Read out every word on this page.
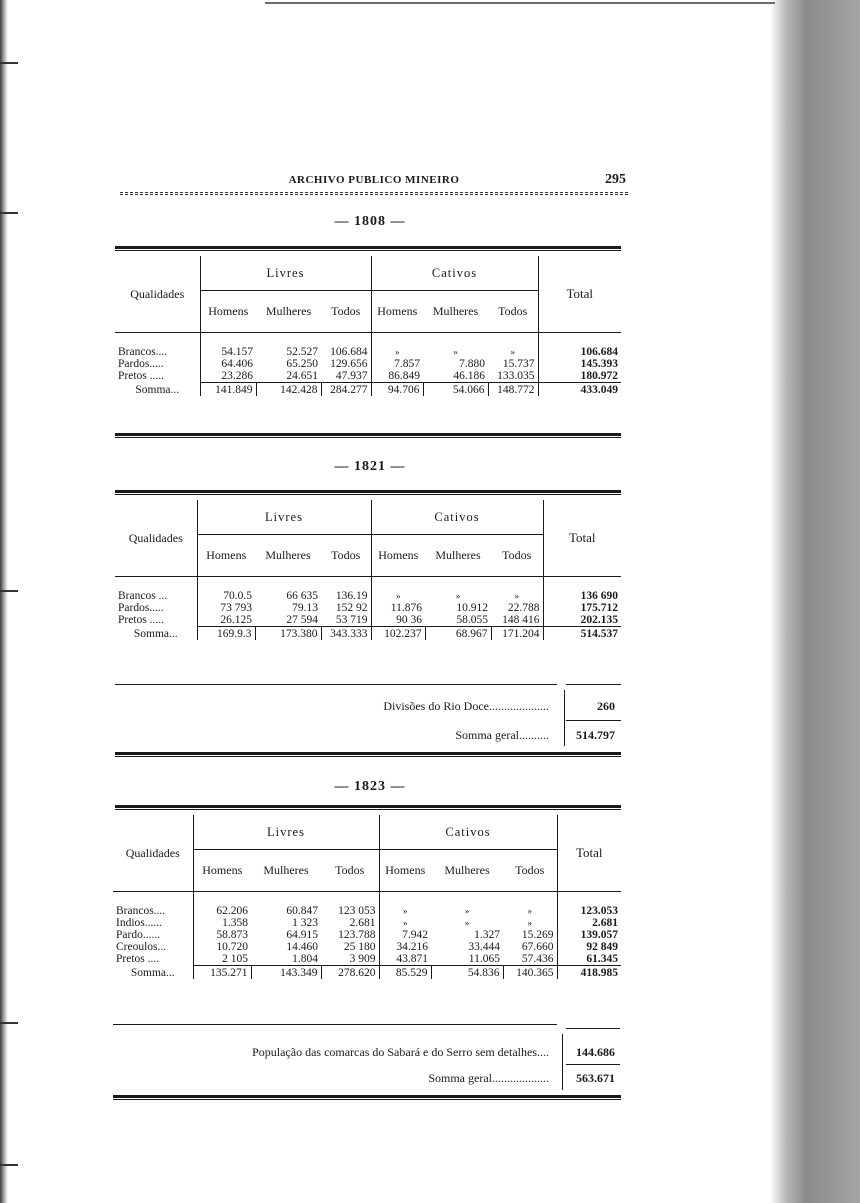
ARCHIVO PUBLICO MINEIRO	295
— 1808 —
Qualidades	Livres			Cativos			Total
	Homens	Mulheres	Todos	Homens	Mulheres	Todos	

Brancos....	54.157	52.527	106.684	»	»	»	106.684
Pardos.....	64.406	65.250	129.656	7.857	7.880	15.737	145.393
Pretos .....	23.286	24.651	47.937	86.849	46.186	133.035	180.972
Somma...	141.849	142.428	284.277	94.706	54.066	148.772	433.049
— 1821 —
Qualidades	Livres			Cativos			Total
	Homens	Mulheres	Todos	Homens	Mulheres	Todos	

Brancos ...	70.0.5	66 635	136.19	»	»	»	136 690
Pardos.....	73 793	79.13	152 92	11.876	10.912	22.788	175.712
Pretos .....	26.125	27 594	53 719	90 36	58.055	148 416	202.135
Somma...	169.9.3	173.380	343.333	102.237	68.967	171.204	514.537
Divisões do Rio Doce....................	260
Somma geral..........	514.797
— 1823 —
Qualidades	Livres			Cativos			Total
	Homens	Mulheres	Todos	Homens	Mulheres	Todos	

Brancos....	62.206	60.847	123 053	»	»	»	123.053
Indios......	1.358	1 323	2.681	»	»	»	2.681
Pardo......	58.873	64.915	123.788	7.942	1.327	15.269	139.057
Creoulos...	10.720	14.460	25 180	34.216	33.444	67.660	92 849
Pretos ....	2 105	1.804	3 909	43.871	11.065	57.436	61.345
Somma...	135.271	143.349	278.620	85.529	54.836	140.365	418.985
População das comarcas do Sabará e do Serro sem detalhes....	144.686
Somma geral...................	563.671
